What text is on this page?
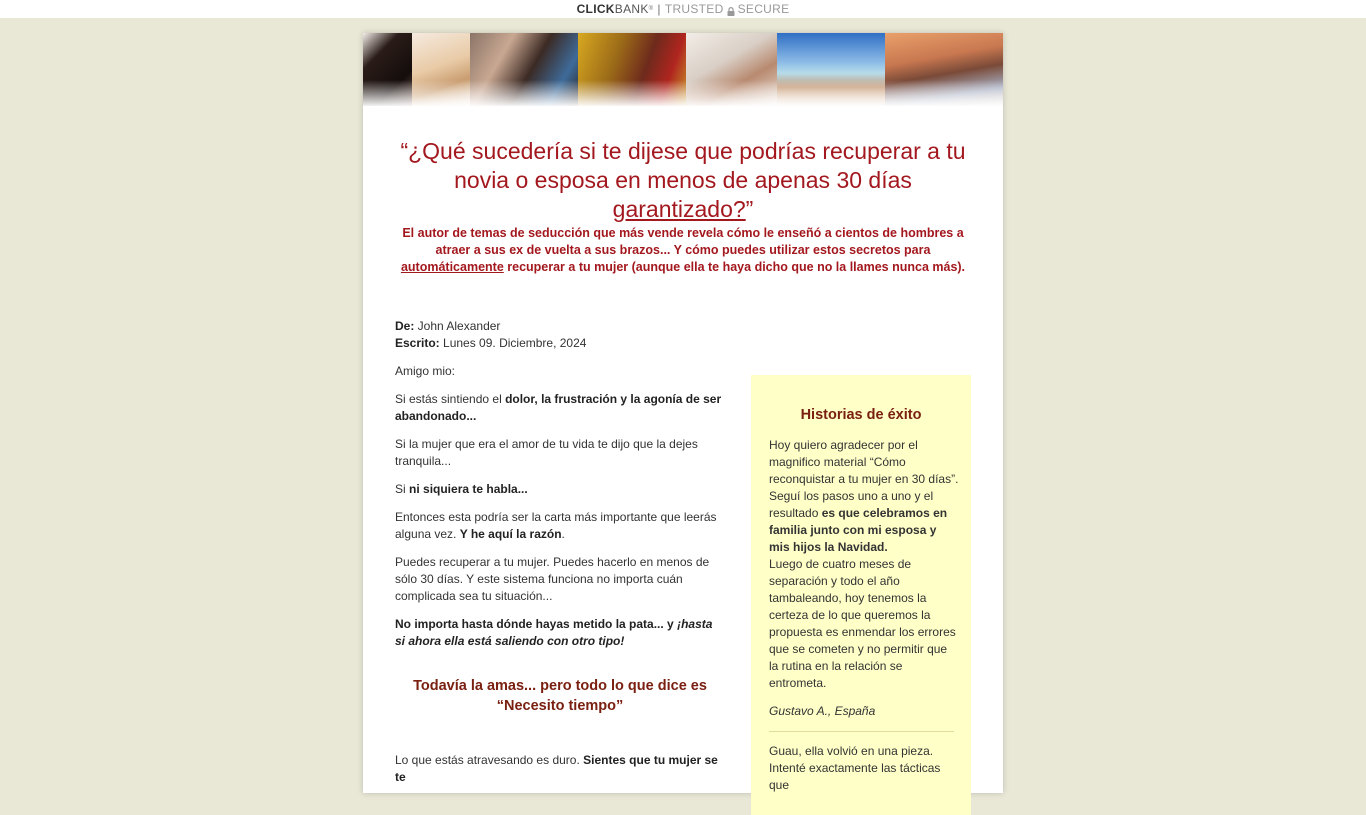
CLICK BANK ® | TRUSTED SECURE
“¿Qué sucedería si te dijese que podrías recuperar a tu novia o esposa en menos de apenas 30 días garantizado?”
El autor de temas de seducción que más vende revela cómo le enseñó a cientos de hombres a atraer a sus ex de vuelta a sus brazos... Y cómo puedes utilizar estos secretos para automáticamente recuperar a tu mujer (aunque ella te haya dicho que no la llames nunca más).

De: John Alexander

Escrito: Lunes 09. Diciembre, 2024

Amigo mio:

Si estás sintiendo el dolor, la frustración y la agonía de ser abandonado...

Si la mujer que era el amor de tu vida te dijo que la dejes tranquila...

Si ni siquiera te habla...

Entonces esta podría ser la carta más importante que leerás alguna vez. Y he aquí la razón.

Puedes recuperar a tu mujer. Puedes hacerlo en menos de sólo 30 días. Y este sistema funciona no importa cuán complicada sea tu situación...

No importa hasta dónde hayas metido la pata... y ¡hasta si ahora ella está saliendo con otro tipo!

Todavía la amas... pero todo lo que dice es “Necesito tiempo”

Lo que estás atravesando es duro. Sientes que tu mujer se te

Historias de éxito

Hoy quiero agradecer por el magnifico material “Cómo reconquistar a tu mujer en 30 días”. Seguí los pasos uno a uno y el resultado es que celebramos en familia junto con mi esposa y mis hijos la Navidad.

Luego de cuatro meses de separación y todo el año tambaleando, hoy tenemos la certeza de lo que queremos la propuesta es enmendar los errores que se cometen y no permitir que la rutina en la relación se entrometa.

Gustavo A., España

Guau, ella volvió en una pieza. Intenté exactamente las tácticas que
